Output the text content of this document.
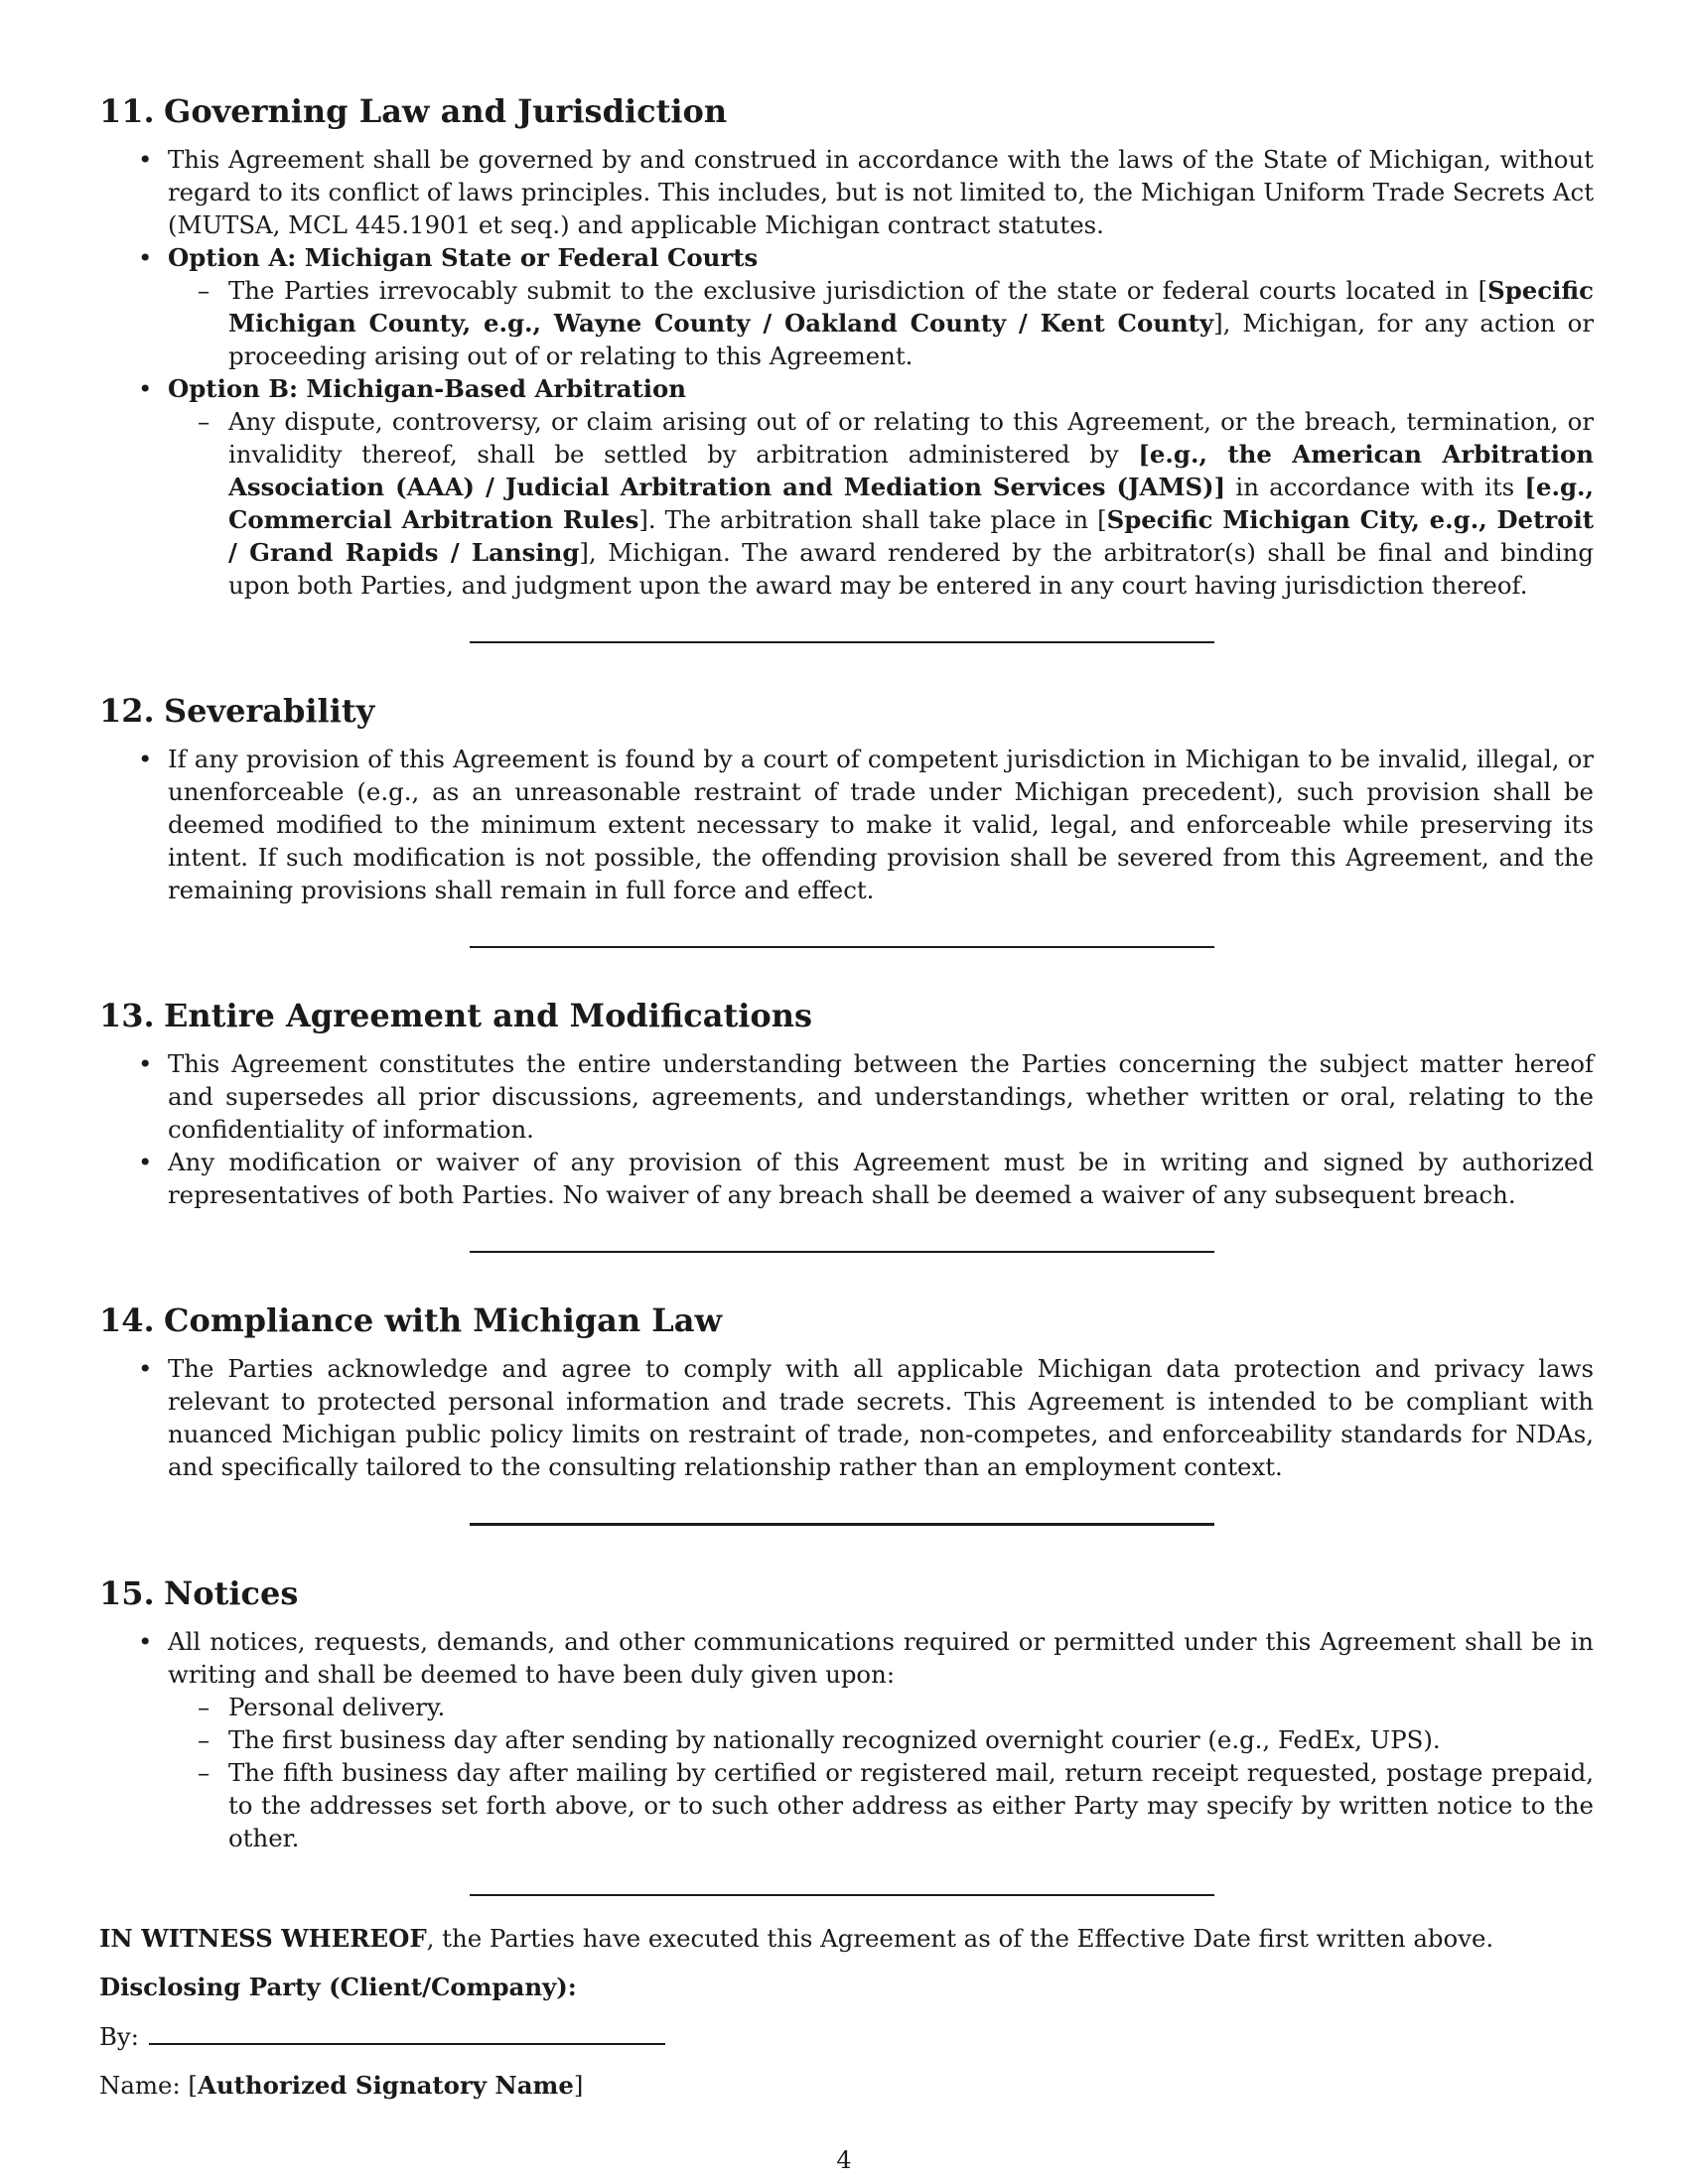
11. Governing Law and Jurisdiction
• This Agreement shall be governed by and construed in accordance with the laws of the State of Michigan, without regard to its conflict of laws principles. This includes, but is not limited to, the Michigan Uniform Trade Secrets Act (MUTSA, MCL 445.1901 et seq.) and applicable Michigan contract statutes.
• Option A: Michigan State or Federal Courts
– The Parties irrevocably submit to the exclusive jurisdiction of the state or federal courts located in [Specific Michigan County, e.g., Wayne County / Oakland County / Kent County], Michigan, for any action or proceeding arising out of or relating to this Agreement.
• Option B: Michigan-Based Arbitration
– Any dispute, controversy, or claim arising out of or relating to this Agreement, or the breach, termination, or invalidity thereof, shall be settled by arbitration administered by [e.g., the American Arbitration Association (AAA) / Judicial Arbitration and Mediation Services (JAMS)] in accordance with its [e.g., Commercial Arbitration Rules]. The arbitration shall take place in [Specific Michigan City, e.g., Detroit / Grand Rapids / Lansing], Michigan. The award rendered by the arbitrator(s) shall be final and binding upon both Parties, and judgment upon the award may be entered in any court having jurisdiction thereof.
12. Severability
• If any provision of this Agreement is found by a court of competent jurisdiction in Michigan to be invalid, illegal, or unenforceable (e.g., as an unreasonable restraint of trade under Michigan precedent), such provision shall be deemed modified to the minimum extent necessary to make it valid, legal, and enforceable while preserving its intent. If such modification is not possible, the offending provision shall be severed from this Agreement, and the remaining provisions shall remain in full force and effect.
13. Entire Agreement and Modifications
• This Agreement constitutes the entire understanding between the Parties concerning the subject matter hereof and supersedes all prior discussions, agreements, and understandings, whether written or oral, relating to the confidentiality of information.
• Any modification or waiver of any provision of this Agreement must be in writing and signed by authorized representatives of both Parties. No waiver of any breach shall be deemed a waiver of any subsequent breach.
14. Compliance with Michigan Law
• The Parties acknowledge and agree to comply with all applicable Michigan data protection and privacy laws relevant to protected personal information and trade secrets. This Agreement is intended to be compliant with nuanced Michigan public policy limits on restraint of trade, non-competes, and enforceability standards for NDAs, and specifically tailored to the consulting relationship rather than an employment context.
15. Notices
• All notices, requests, demands, and other communications required or permitted under this Agreement shall be in writing and shall be deemed to have been duly given upon:
– Personal delivery.
– The first business day after sending by nationally recognized overnight courier (e.g., FedEx, UPS).
– The fifth business day after mailing by certified or registered mail, return receipt requested, postage prepaid, to the addresses set forth above, or to such other address as either Party may specify by written notice to the other.
IN WITNESS WHEREOF, the Parties have executed this Agreement as of the Effective Date first written above.
Disclosing Party (Client/Company):
By:
Name: [Authorized Signatory Name]
4
